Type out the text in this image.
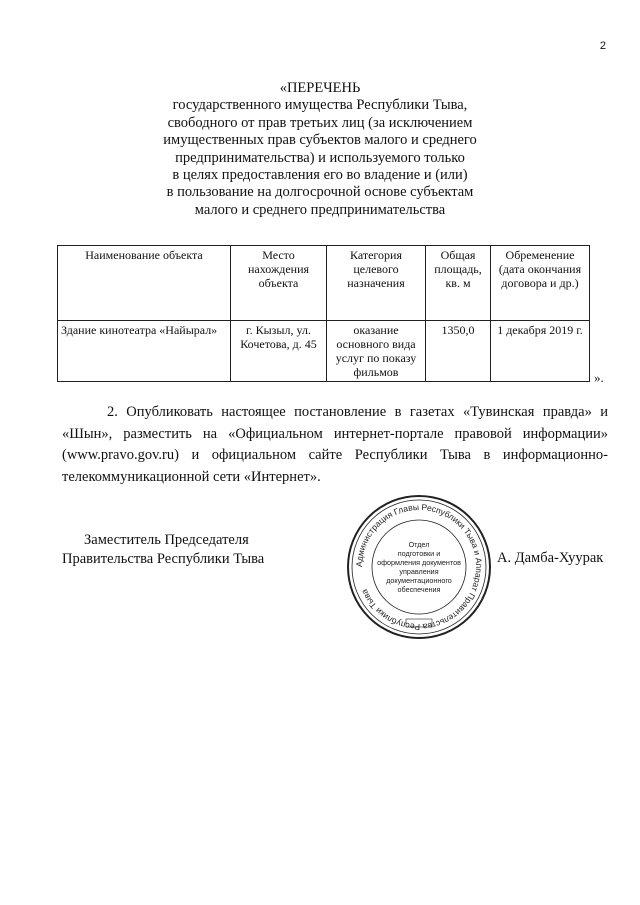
2
«ПЕРЕЧЕНЬ
государственного имущества Республики Тыва,
свободного от прав третьих лиц (за исключением
имущественных прав субъектов малого и среднего
предпринимательства) и используемого только
в целях предоставления его во владение и (или)
в пользование на долгосрочной основе субъектам
малого и среднего предпринимательства
Наименование объекта	Место нахождения объекта	Категория целевого назначения	Общая площадь, кв. м	Обременение (дата окончания договора и др.)
Здание кинотеатра «Найырал»	г. Кызыл, ул. Кочетова, д. 45	оказание основного вида услуг по показу фильмов	1350,0	1 декабря 2019 г.
».
2. Опубликовать настоящее постановление в газетах «Тувинская правда» и «Шын», разместить на «Официальном интернет-портале правовой информации» (www.pravo.gov.ru) и официальном сайте Республики Тыва в информационно-телекоммуникационной сети «Интернет».
Заместитель Председателя
Правительства Республики Тыва	Администрация Главы Республики Тыва и Аппарат Правительства Республики Тыва
Отдел
подготовки и
оформления документов
управления
документационного
обеспечения
А. Дамба-Хуурак
